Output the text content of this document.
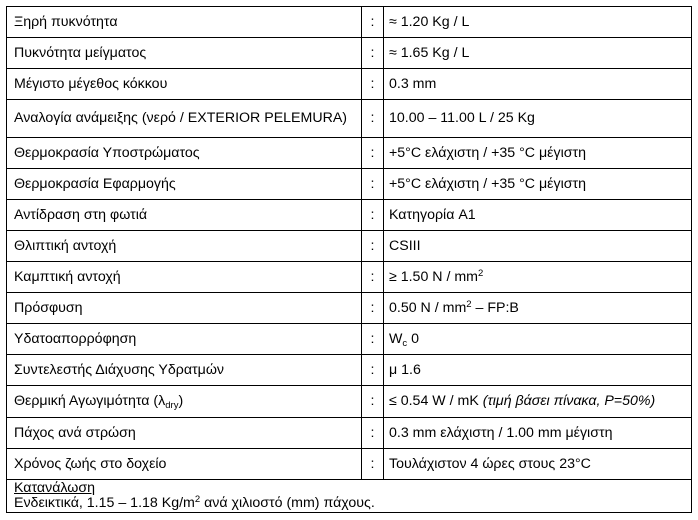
Ξηρή πυκνότητα	:	≈ 1.20 Kg / L
Πυκνότητα μείγματος	:	≈ 1.65 Kg / L
Μέγιστο μέγεθος κόκκου	:	0.3 mm
Αναλογία ανάμειξης (νερό / EXTERIOR PELEMURA)	:	10.00 – 11.00 L / 25 Kg
Θερμοκρασία Υποστρώματος	:	+5°C ελάχιστη / +35 °C μέγιστη
Θερμοκρασία Εφαρμογής	:	+5°C ελάχιστη / +35 °C μέγιστη
Αντίδραση στη φωτιά	:	Κατηγορία A1
Θλιπτική αντοχή	:	CSIII
Καμπτική αντοχή	:	≥ 1.50 N / $mm^2$
Πρόσφυση	:	0.50 N / $mm^2$ – FP:B
Υδατοαπορρόφηση	:	$W_c$ 0
Συντελεστής Διάχυσης Υδρατμών	:	μ 1.6
Θερμική Αγωγιμότητα $(\lambda_{dry})$	:	≤ 0.54 W / mK (τιμή βάσει πίνακα, P=50%)
Πάχος ανά στρώση	:	0.3 mm ελάχιστη / 1.00 mm μέγιστη
Χρόνος ζωής στο δοχείο	:	Τουλάχιστον 4 ώρες στους 23°C
Κατανάλωση
Ενδεικτικά, 1.15 – 1.18 $Kg/m^2$ ανά χιλιοστό (mm) πάχους.		
